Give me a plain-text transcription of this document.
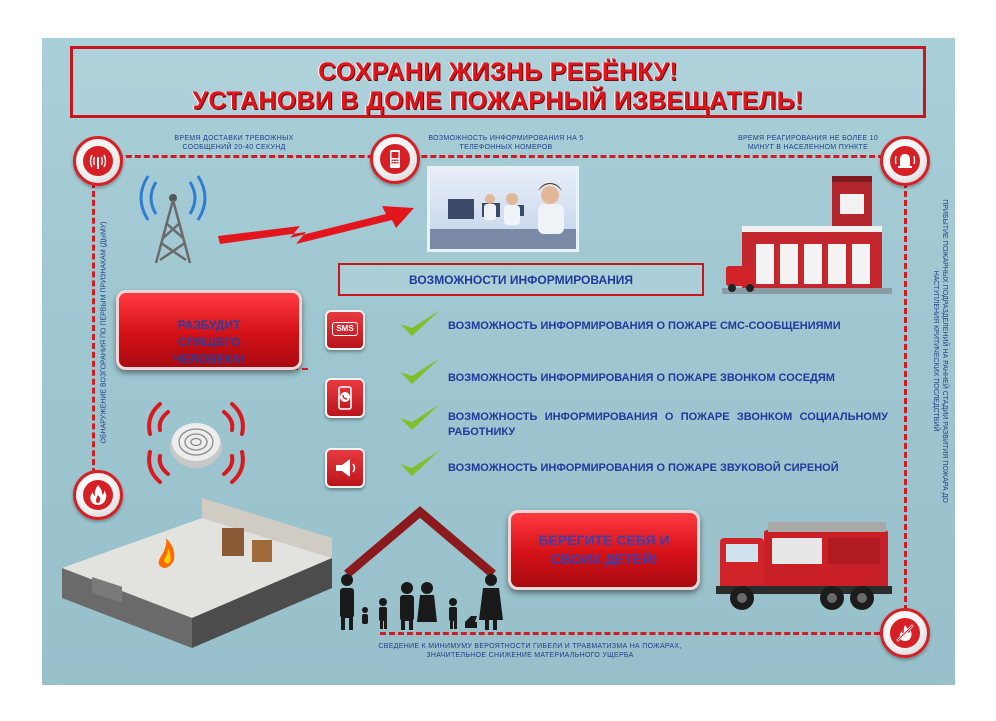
СОХРАНИ ЖИЗНЬ РЕБЁНКУ!
УСТАНОВИ В ДОМЕ ПОЖАРНЫЙ ИЗВЕЩАТЕЛЬ!
ВРЕМЯ ДОСТАВКИ ТРЕВОЖНЫХ СООБЩЕНИЙ 20-40 СЕКУНД
ВОЗМОЖНОСТЬ ИНФОРМИРОВАНИЯ НА 5 ТЕЛЕФОННЫХ НОМЕРОВ
ВРЕМЯ РЕАГИРОВАНИЯ НЕ БОЛЕЕ 10 МИНУТ В НАСЕЛЕННОМ ПУНКТЕ
ОБНАРУЖЕНИЕ ВОЗГОРАНИЯ ПО ПЕРВЫМ ПРИЗНАКАМ (ДЫМУ)	ПРИБЫТИЕ ПОЖАРНЫХ ПОДРАЗДЕЛЕНИЙ НА РАННЕЙ СТАДИИ РАЗВИТИЯ ПОЖАРА ДО НАСТУПЛЕНИЯ КРИТИЧЕСКИХ ПОСЛЕДСТВИЙ
СВЕДЕНИЕ К МИНИМУМУ ВЕРОЯТНОСТИ ГИБЕЛИ И ТРАВМАТИЗМА НА ПОЖАРАХ, ЗНАЧИТЕЛЬНОЕ СНИЖЕНИЕ МАТЕРИАЛЬНОГО УЩЕРБА
ВОЗМОЖНОСТИ ИНФОРМИРОВАНИЯ
РАЗБУДИТ СПЯЩЕГО ЧЕЛОВЕКА!
SMS	ВОЗМОЖНОСТЬ ИНФОРМИРОВАНИЯ О ПОЖАРЕ СМС-СООБЩЕНИЯМИ
ВОЗМОЖНОСТЬ ИНФОРМИРОВАНИЯ О ПОЖАРЕ ЗВОНКОМ СОСЕДЯМ
ВОЗМОЖНОСТЬ ИНФОРМИРОВАНИЯ О ПОЖАРЕ ЗВОНКОМ СОЦИАЛЬНОМУ РАБОТНИКУ
ВОЗМОЖНОСТЬ ИНФОРМИРОВАНИЯ О ПОЖАРЕ ЗВУКОВОЙ СИРЕНОЙ
БЕРЕГИТЕ СЕБЯ И СВОИХ ДЕТЕЙ!
